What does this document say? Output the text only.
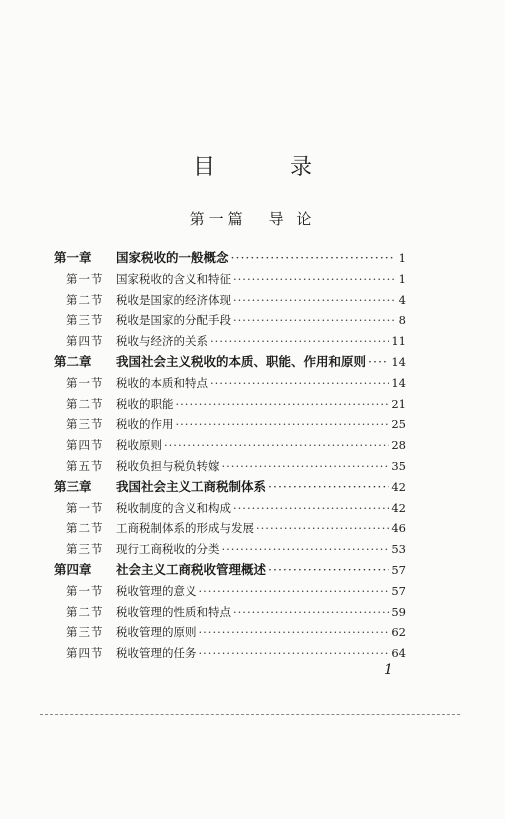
目 录
第一篇 导 论
第一章	国家税收的一般概念 ·····	1
第一节	国家税收的含义和特征 ·····	1
第二节	税收是国家的经济体现 ·····	4
第三节	税收是国家的分配手段 ·····	8
第四节	税收与经济的关系 ·····	11
第二章	我国社会主义税收的本质、职能、作用和原则 ····· 14
第一节	税收的本质和特点 ·····	14
第二节	税收的职能 ·····	21
第三节	税收的作用 ·····	25
第四节	税收原则 ·····	28
第五节	税收负担与税负转嫁 ·····	35
第三章	我国社会主义工商税制体系 ·····	42
第一节	税收制度的含义和构成 ·····	42
第二节	工商税制体系的形成与发展 ·····	46
第三节	现行工商税收的分类 ·····	53
第四章	社会主义工商税收管理概述 ·····	57
第一节	税收管理的意义 ·····	57
第二节	税收管理的性质和特点 ·····	59
第三节	税收管理的原则 ·····	62
第四节	税收管理的任务 ·····	64
1
